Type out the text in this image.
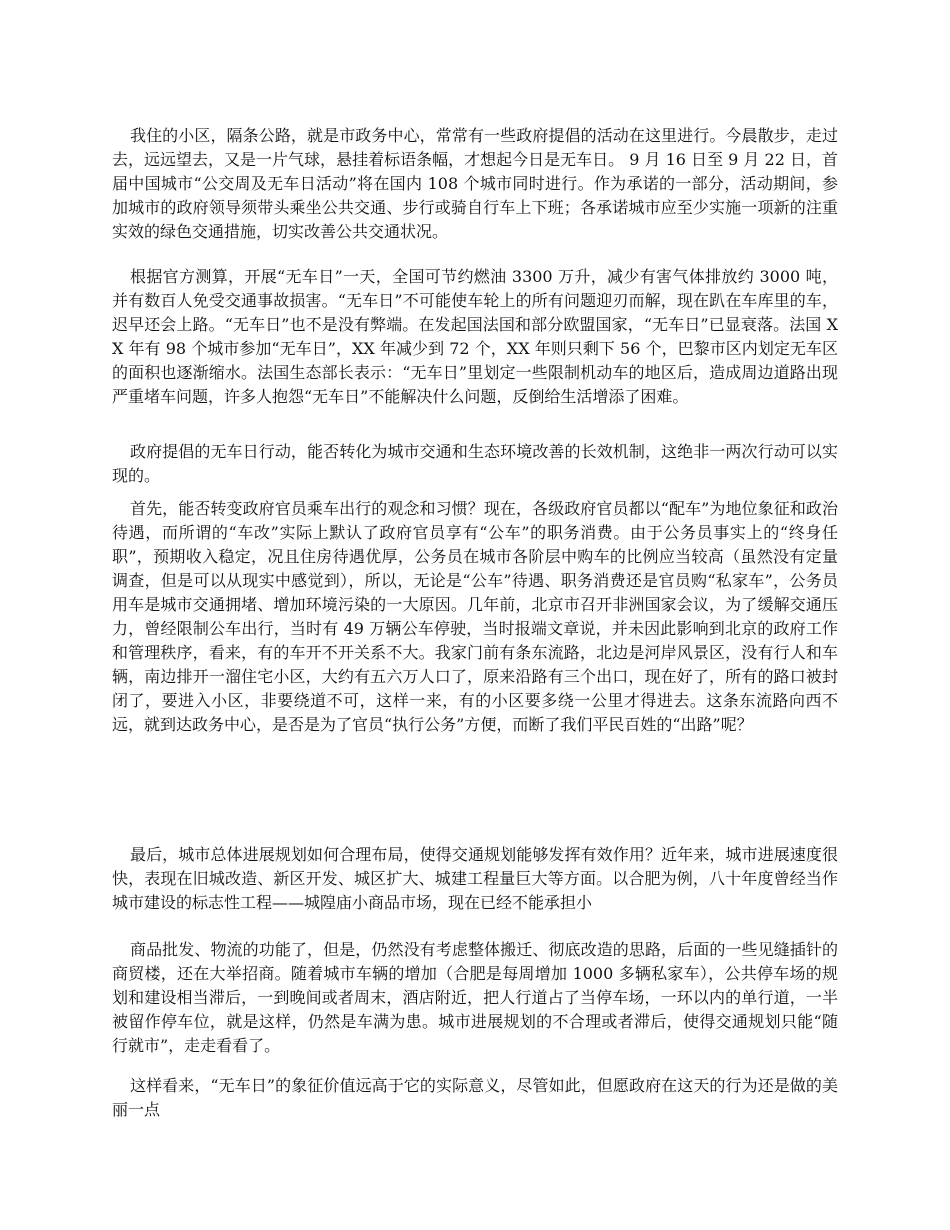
我住的小区，隔条公路，就是市政务中心，常常有一些政府提倡的活动在这里进行。今晨散步，走过去，远远望去，又是一片气球，悬挂着标语条幅，才想起今日是无车日。 9 月 16 日至 9 月 22 日，首届中国城市“公交周及无车日活动”将在国内 108 个城市同时进行。作为承诺的一部分，活动期间，参加城市的政府领导须带头乘坐公共交通、步行或骑自行车上下班；各承诺城市应至少实施一项新的注重实效的绿色交通措施，切实改善公共交通状况。

根据官方测算，开展“无车日”一天，全国可节约燃油 3300 万升，减少有害气体排放约 3000 吨，并有数百人免受交通事故损害。“无车日”不可能使车轮上的所有问题迎刃而解，现在趴在车库里的车，迟早还会上路。“无车日”也不是没有弊端。在发起国法国和部分欧盟国家，“无车日”已显衰落。法国 XX 年有 98 个城市参加“无车日”，XX 年减少到 72 个，XX 年则只剩下 56 个，巴黎市区内划定无车区的面积也逐渐缩水。法国生态部长表示：“无车日”里划定一些限制机动车的地区后，造成周边道路出现严重堵车问题，许多人抱怨“无车日”不能解决什么问题，反倒给生活增添了困难。

政府提倡的无车日行动，能否转化为城市交通和生态环境改善的长效机制，这绝非一两次行动可以实现的。

首先，能否转变政府官员乘车出行的观念和习惯？现在，各级政府官员都以“配车”为地位象征和政治待遇，而所谓的“车改”实际上默认了政府官员享有“公车”的职务消费。由于公务员事实上的“终身任职”，预期收入稳定，况且住房待遇优厚，公务员在城市各阶层中购车的比例应当较高（虽然没有定量调查，但是可以从现实中感觉到），所以，无论是“公车”待遇、职务消费还是官员购“私家车”，公务员用车是城市交通拥堵、增加环境污染的一大原因。几年前，北京市召开非洲国家会议，为了缓解交通压力，曾经限制公车出行，当时有 49 万辆公车停驶，当时报端文章说，并未因此影响到北京的政府工作和管理秩序，看来，有的车开不开关系不大。我家门前有条东流路，北边是河岸风景区，没有行人和车辆，南边排开一溜住宅小区，大约有五六万人口了，原来沿路有三个出口，现在好了，所有的路口被封闭了，要进入小区，非要绕道不可，这样一来，有的小区要多绕一公里才得进去。这条东流路向西不远，就到达政务中心，是否是为了官员“执行公务”方便，而断了我们平民百姓的“出路”呢？

最后，城市总体进展规划如何合理布局，使得交通规划能够发挥有效作用？近年来，城市进展速度很快，表现在旧城改造、新区开发、城区扩大、城建工程量巨大等方面。以合肥为例，八十年度曾经当作城市建设的标志性工程——城隍庙小商品市场，现在已经不能承担小

商品批发、物流的功能了，但是，仍然没有考虑整体搬迁、彻底改造的思路，后面的一些见缝插针的商贸楼，还在大举招商。随着城市车辆的增加（合肥是每周增加 1000 多辆私家车），公共停车场的规划和建设相当滞后，一到晚间或者周末，酒店附近，把人行道占了当停车场，一环以内的单行道，一半被留作停车位，就是这样，仍然是车满为患。城市进展规划的不合理或者滞后，使得交通规划只能“随行就市”，走走看看了。

这样看来，“无车日”的象征价值远高于它的实际意义，尽管如此，但愿政府在这天的行为还是做的美丽一点
